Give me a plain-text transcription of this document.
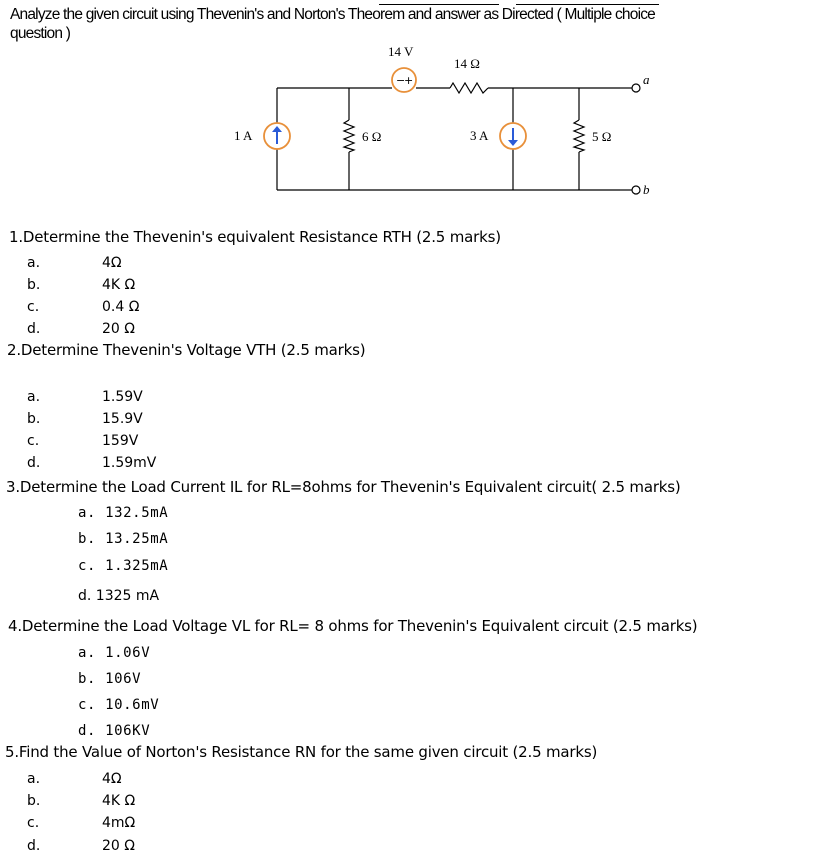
Analyze the given circuit using Thevenin's and Norton's Theorem and answer as Directed ( Multiple choice
question )
−
+
14 V
14 Ω
a
b
1 A	6 Ω	3 A	5 Ω
1.Determine the Thevenin's equivalent Resistance RTH (2.5 marks)
a.	4Ω
b.	4K Ω
c.	0.4 Ω
d.	20 Ω
2.Determine Thevenin's Voltage VTH (2.5 marks)
a.	1.59V
b.	15.9V
c.	159V
d.	1.59mV
3.Determine the Load Current IL for RL=8ohms for Thevenin's Equivalent circuit( 2.5 marks)
a. 132.5mA
b. 13.25mA
c. 1.325mA
d. 1325 mA
4.Determine the Load Voltage VL for RL= 8 ohms for Thevenin's Equivalent circuit (2.5 marks)
a. 1.06V
b. 106V
c. 10.6mV
d. 106KV
5.Find the Value of Norton's Resistance RN for the same given circuit (2.5 marks)
a.	4Ω
b.	4K Ω
c.	4mΩ
d.	20 Ω
